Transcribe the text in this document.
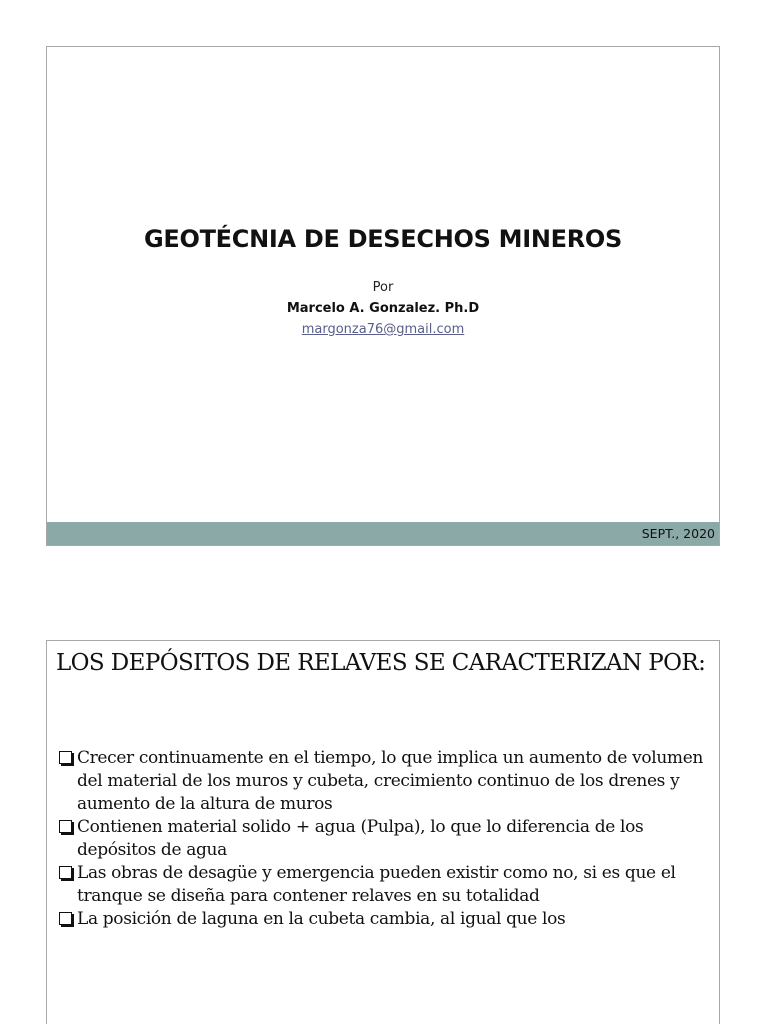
GEOTÉCNIA DE DESECHOS MINEROS
Por
Marcelo A. Gonzalez. Ph.D
margonza76@gmail.com
SEPT., 2020
LOS DEPÓSITOS DE RELAVES SE CARACTERIZAN POR:
Crecer continuamente en el tiempo, lo que implica un aumento de volumen del material de los muros y cubeta, crecimiento continuo de los drenes y aumento de la altura de muros
Contienen material solido + agua (Pulpa), lo que lo diferencia de los depósitos de agua
Las obras de desagüe y emergencia pueden existir como no, si es que el tranque se diseña para contener relaves en su totalidad
La posición de laguna en la cubeta cambia, al igual que los
